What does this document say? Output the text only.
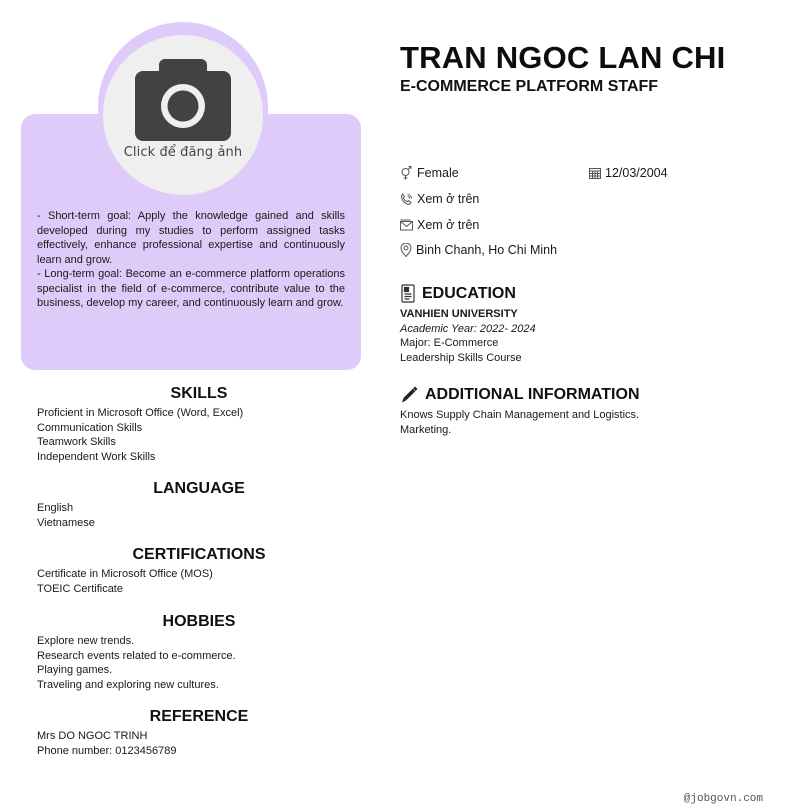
Click để đăng ảnh

- Short-term goal: Apply the knowledge gained and skills developed during my studies to perform assigned tasks effectively, enhance professional expertise and continuously learn and grow.

- Long-term goal: Become an e-commerce platform operations specialist in the field of e-commerce, contribute value to the business, develop my career, and continuously learn and grow.

SKILLS
Proficient in Microsoft Office (Word, Excel)
Communication Skills
Teamwork Skills
Independent Work Skills
LANGUAGE
English
Vietnamese
CERTIFICATIONS
Certificate in Microsoft Office (MOS)
TOEIC Certificate
HOBBIES
Explore new trends.
Research events related to e-commerce.
Playing games.
Traveling and exploring new cultures.
REFERENCE
Mrs DO NGOC TRINH
Phone number: 0123456789
TRAN NGOC LAN CHI
E-COMMERCE PLATFORM STAFF
Female	12/03/2004
Xem ở trên
Xem ở trên
Binh Chanh, Ho Chi Minh
EDUCATION
VANHIEN UNIVERSITY
Academic Year: 2022- 2024
Major: E-Commerce
Leadership Skills Course
ADDITIONAL INFORMATION
Knows Supply Chain Management and Logistics.
Marketing.
@jobgovn.com
